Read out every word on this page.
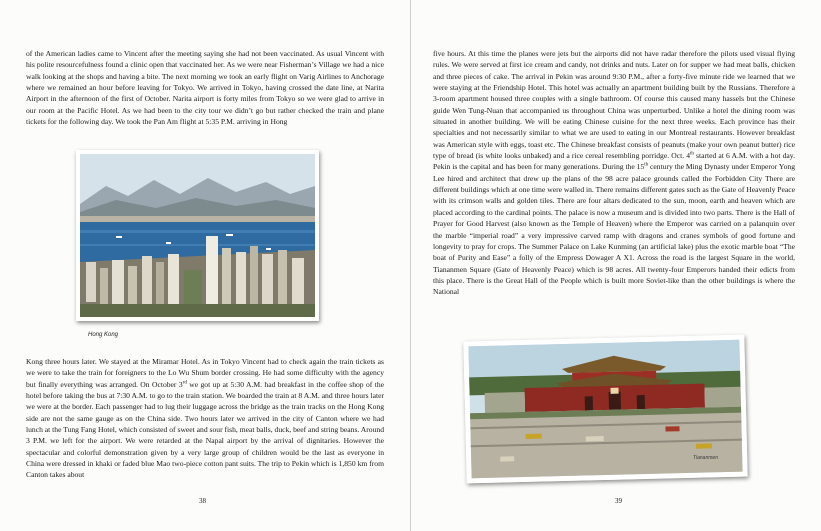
of the American ladies came to Vincent after the meeting saying she had not been vaccinated. As usual Vincent with his polite resourcefulness found a clinic open that vaccinated her. As we were near Fisherman’s Village we had a nice walk looking at the shops and having a bite. The next morning we took an early flight on Varig Airlines to Anchorage where we remained an hour before leaving for Tokyo. We arrived in Tokyo, having crossed the date line, at Narita Airport in the afternoon of the first of October. Narita airport is forty miles from Tokyo so we were glad to arrive in our room at the Pacific Hotel. As we had been to the city tour we didn’t go but rather checked the train and plane tickets for the following day. We took the Pan Am flight at 5:35 P.M. arriving in Hong

Hong Kong

Kong three hours later. We stayed at the Miramar Hotel. As in Tokyo Vincent had to check again the train tickets as we were to take the train for foreigners to the Lo Wu Shum border crossing. He had some difficulty with the agency but finally everything was arranged. On October 3rd we got up at 5:30 A.M. had breakfast in the coffee shop of the hotel before taking the bus at 7:30 A.M. to go to the train station. We boarded the train at 8 A.M. and three hours later we were at the border. Each passenger had to lug their luggage across the bridge as the train tracks on the Hong Kong side are not the same gauge as on the China side. Two hours later we arrived in the city of Canton where we had lunch at the Tung Fang Hotel, which consisted of sweet and sour fish, meat balls, duck, beef and string beans. Around 3 P.M. we left for the airport. We were retarded at the Napal airport by the arrival of dignitaries. However the spectacular and colorful demonstration given by a very large group of children would be the last as everyone in China were dressed in khaki or faded blue Mao two-piece cotton pant suits. The trip to Pekin which is 1,850 km from Canton takes about

38

five hours. At this time the planes were jets but the airports did not have radar therefore the pilots used visual flying rules. We were served at first ice cream and candy, not drinks and nuts. Later on for supper we had meat balls, chicken and three pieces of cake. The arrival in Pekin was around 9:30 P.M., after a forty-five minute ride we learned that we were staying at the Friendship Hotel. This hotel was actually an apartment building built by the Russians. Therefore a 3-room apartment housed three couples with a single bathroom. Of course this caused many hassels but the Chinese guide Wen Tung-Nuan that accompanied us throughout China was unperturbed. Unlike a hotel the dining room was situated in another building. We will be eating Chinese cuisine for the next three weeks. Each province has their specialties and not necessarily similar to what we are used to eating in our Montreal restaurants. However breakfast was American style with eggs, toast etc. The Chinese breakfast consists of peanuts (make your own peanut butter) rice type of bread (is white looks unbaked) and a rice cereal resembling porridge. Oct. 4th started at 6 A.M. with a hot day. Pekin is the capital and has been for many generations. During the 15th century the Ming Dynasty under Emperor Yong Lee hired and architect that drew up the plans of the 98 acre palace grounds called the Forbidden City There are different buildings which at one time were walled in. There remains different gates such as the Gate of Heavenly Peace with its crimson walls and golden tiles. There are four altars dedicated to the sun, moon, earth and heaven which are placed according to the cardinal points. The palace is now a museum and is divided into two parts. There is the Hall of Prayer for Good Harvest (also known as the Temple of Heaven) where the Emperor was carried on a palanquin over the marble “imperial road” a very impressive carved ramp with dragons and cranes symbols of good fortune and longevity to pray for crops. The Summer Palace on Lake Kunming (an artificial lake) plus the exotic marble boat “The boat of Purity and Ease” a folly of the Empress Dowager A X1. Across the road is the largest Square in the world, Tiananmen Square (Gate of Heavenly Peace) which is 98 acres. All twenty-four Emperors handed their edicts from this place. There is the Great Hall of the People which is built more Soviet-like than the other buildings is where the National

Tiananmen
39
